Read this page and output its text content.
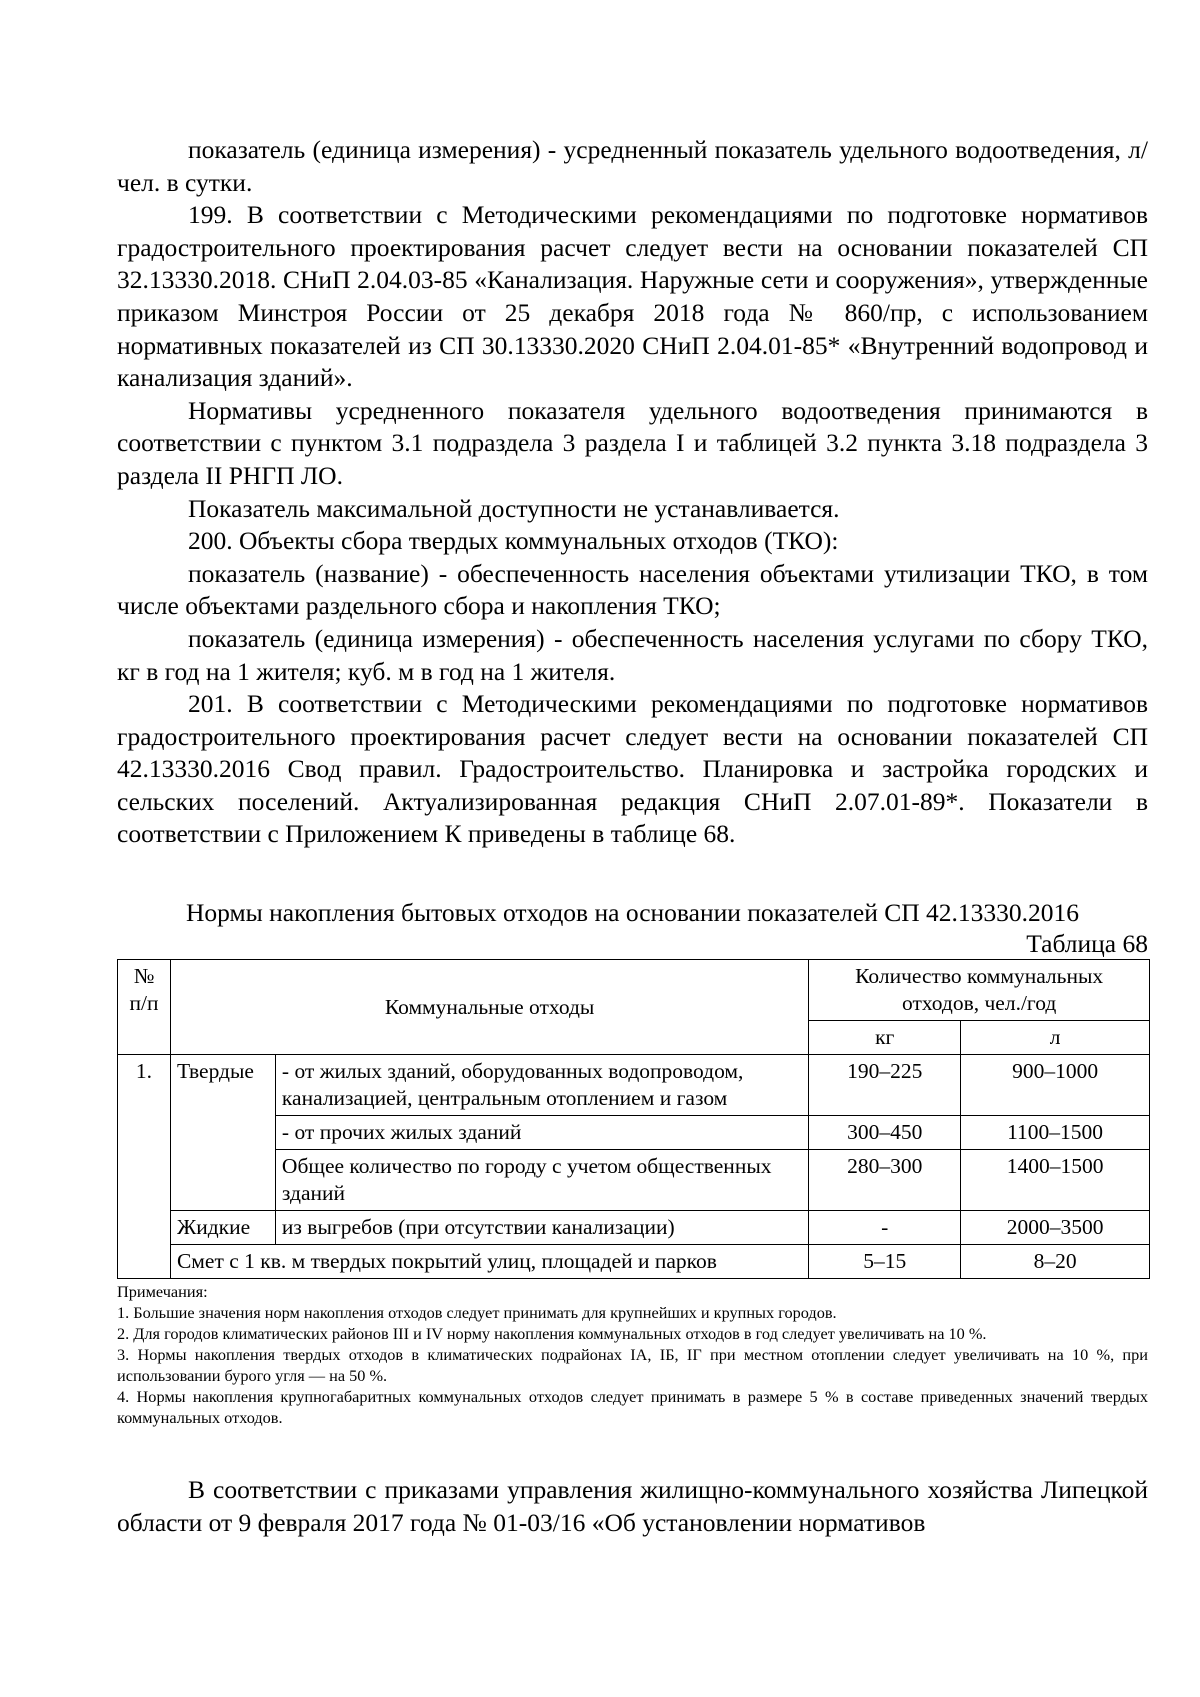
показатель (единица измерения) - усредненный показатель удельного водоотведения, л/чел. в сутки.

199. В соответствии с Методическими рекомендациями по подготовке нормативов градостроительного проектирования расчет следует вести на основании показателей СП 32.13330.2018. СНиП 2.04.03-85 «Канализация. Наружные сети и сооружения», утвержденные приказом Минстроя России от 25 декабря 2018 года № 860/пр, с использованием нормативных показателей из СП 30.13330.2020 СНиП 2.04.01-85* «Внутренний водопровод и канализация зданий».

Нормативы усредненного показателя удельного водоотведения принимаются в соответствии с пунктом 3.1 подраздела 3 раздела I и таблицей 3.2 пункта 3.18 подраздела 3 раздела II РНГП ЛО.

Показатель максимальной доступности не устанавливается.

200. Объекты сбора твердых коммунальных отходов (ТКО):

показатель (название) - обеспеченность населения объектами утилизации ТКО, в том числе объектами раздельного сбора и накопления ТКО;

показатель (единица измерения) - обеспеченность населения услугами по сбору ТКО, кг в год на 1 жителя; куб. м в год на 1 жителя.

201. В соответствии с Методическими рекомендациями по подготовке нормативов градостроительного проектирования расчет следует вести на основании показателей СП 42.13330.2016 Свод правил. Градостроительство. Планировка и застройка городских и сельских поселений. Актуализированная редакция СНиП 2.07.01-89*. Показатели в соответствии с Приложением К приведены в таблице 68.

Нормы накопления бытовых отходов на основании показателей СП 42.13330.2016

Таблица 68

№ п/п	Коммунальные отходы		Количество коммунальных отходов, чел./год	
			кг	л
1.	Твердые	- от жилых зданий, оборудованных водопроводом, канализацией, центральным отоплением и газом	190–225	900–1000
		- от прочих жилых зданий	300–450	1100–1500
		Общее количество по городу с учетом общественных зданий	280–300	1400–1500
	Жидкие	из выгребов (при отсутствии канализации)	-	2000–3500
	Смет с 1 кв. м твердых покрытий улиц, площадей и парков		5–15	8–20

Примечания:

1. Большие значения норм накопления отходов следует принимать для крупнейших и крупных городов.

2. Для городов климатических районов III и IV норму накопления коммунальных отходов в год следует увеличивать на 10 %.

3. Нормы накопления твердых отходов в климатических подрайонах IА, IБ, IГ при местном отоплении следует увеличивать на 10 %, при использовании бурого угля — на 50 %.

4. Нормы накопления крупногабаритных коммунальных отходов следует принимать в размере 5 % в составе приведенных значений твердых коммунальных отходов.

В соответствии с приказами управления жилищно-коммунального хозяйства Липецкой области от 9 февраля 2017 года № 01-03/16 «Об установлении нормативов
